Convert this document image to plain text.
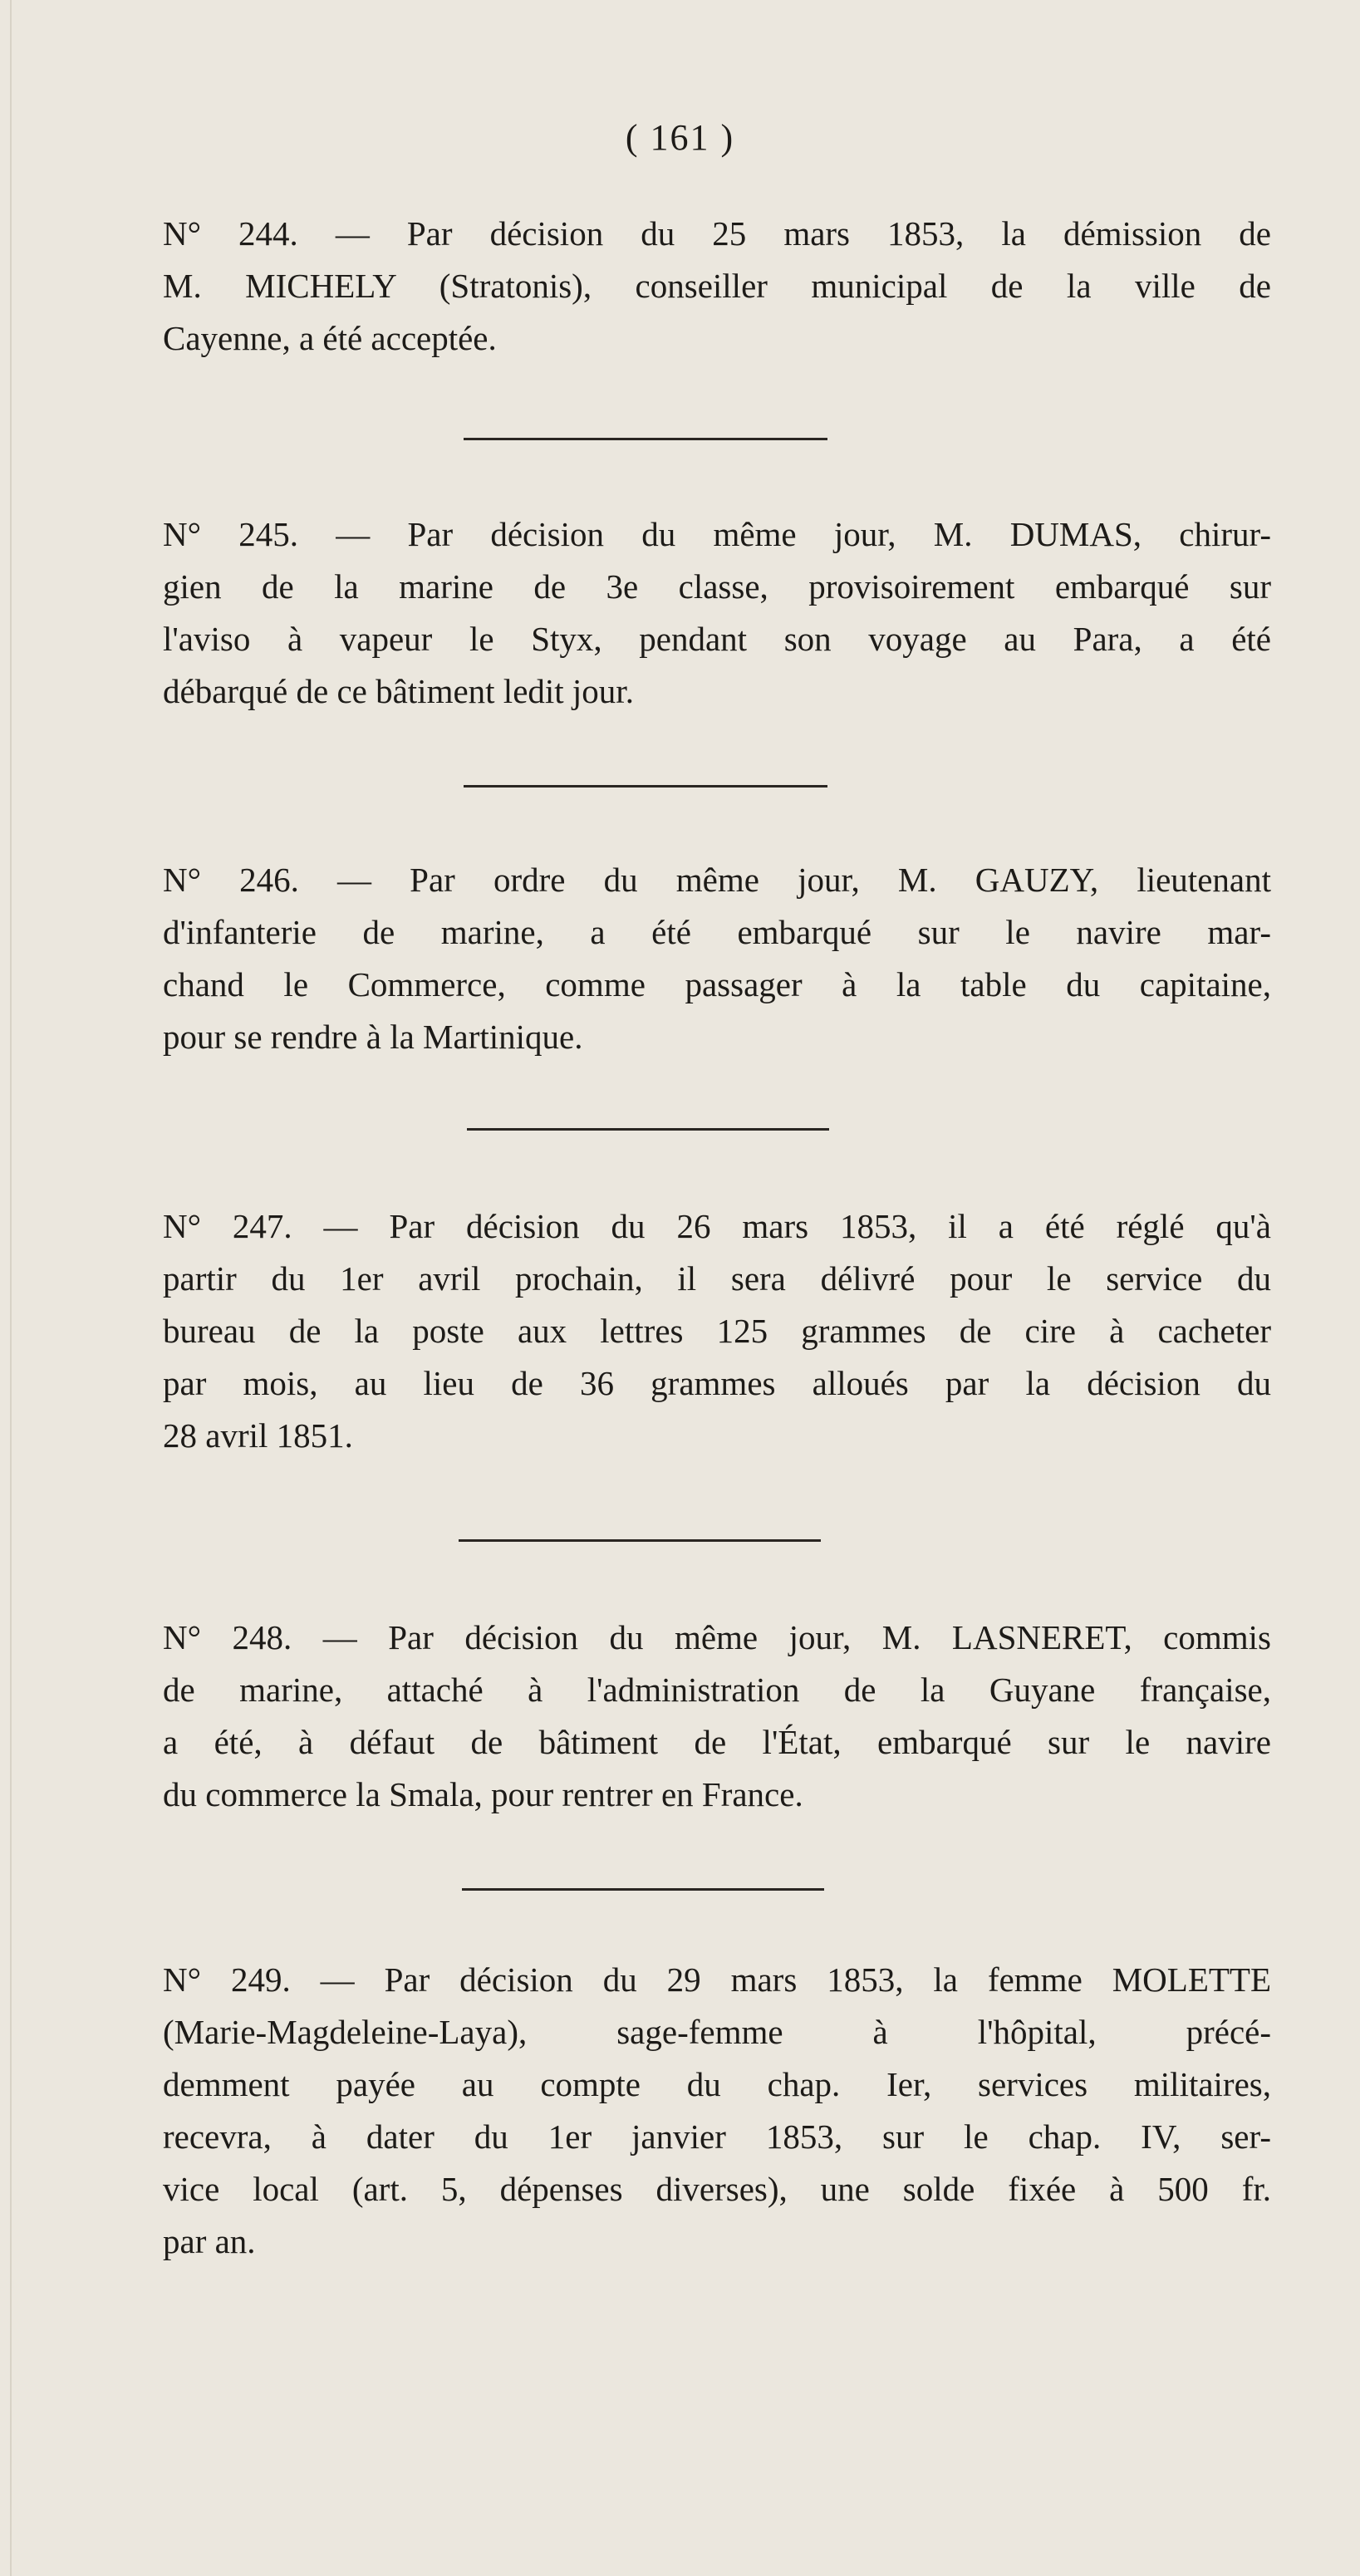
( 161 )
N° 244. — Par décision du 25 mars 1853, la démission de
M. MICHELY (Stratonis), conseiller municipal de la ville de
Cayenne, a été acceptée.
N° 245. — Par décision du même jour, M. DUMAS, chirur-
gien de la marine de 3e classe, provisoirement embarqué sur
l'aviso à vapeur le Styx, pendant son voyage au Para, a été
débarqué de ce bâtiment ledit jour.
N° 246. — Par ordre du même jour, M. GAUZY, lieutenant
d'infanterie de marine, a été embarqué sur le navire mar-
chand le Commerce, comme passager à la table du capitaine,
pour se rendre à la Martinique.
N° 247. — Par décision du 26 mars 1853, il a été réglé qu'à
partir du 1er avril prochain, il sera délivré pour le service du
bureau de la poste aux lettres 125 grammes de cire à cacheter
par mois, au lieu de 36 grammes alloués par la décision du
28 avril 1851.
N° 248. — Par décision du même jour, M. LASNERET, commis
de marine, attaché à l'administration de la Guyane française,
a été, à défaut de bâtiment de l'État, embarqué sur le navire
du commerce la Smala, pour rentrer en France.
N° 249. — Par décision du 29 mars 1853, la femme MOLETTE
(Marie-Magdeleine-Laya), sage-femme à l'hôpital, précé-
demment payée au compte du chap. Ier, services militaires,
recevra, à dater du 1er janvier 1853, sur le chap. IV, ser-
vice local (art. 5, dépenses diverses), une solde fixée à 500 fr.
par an.
